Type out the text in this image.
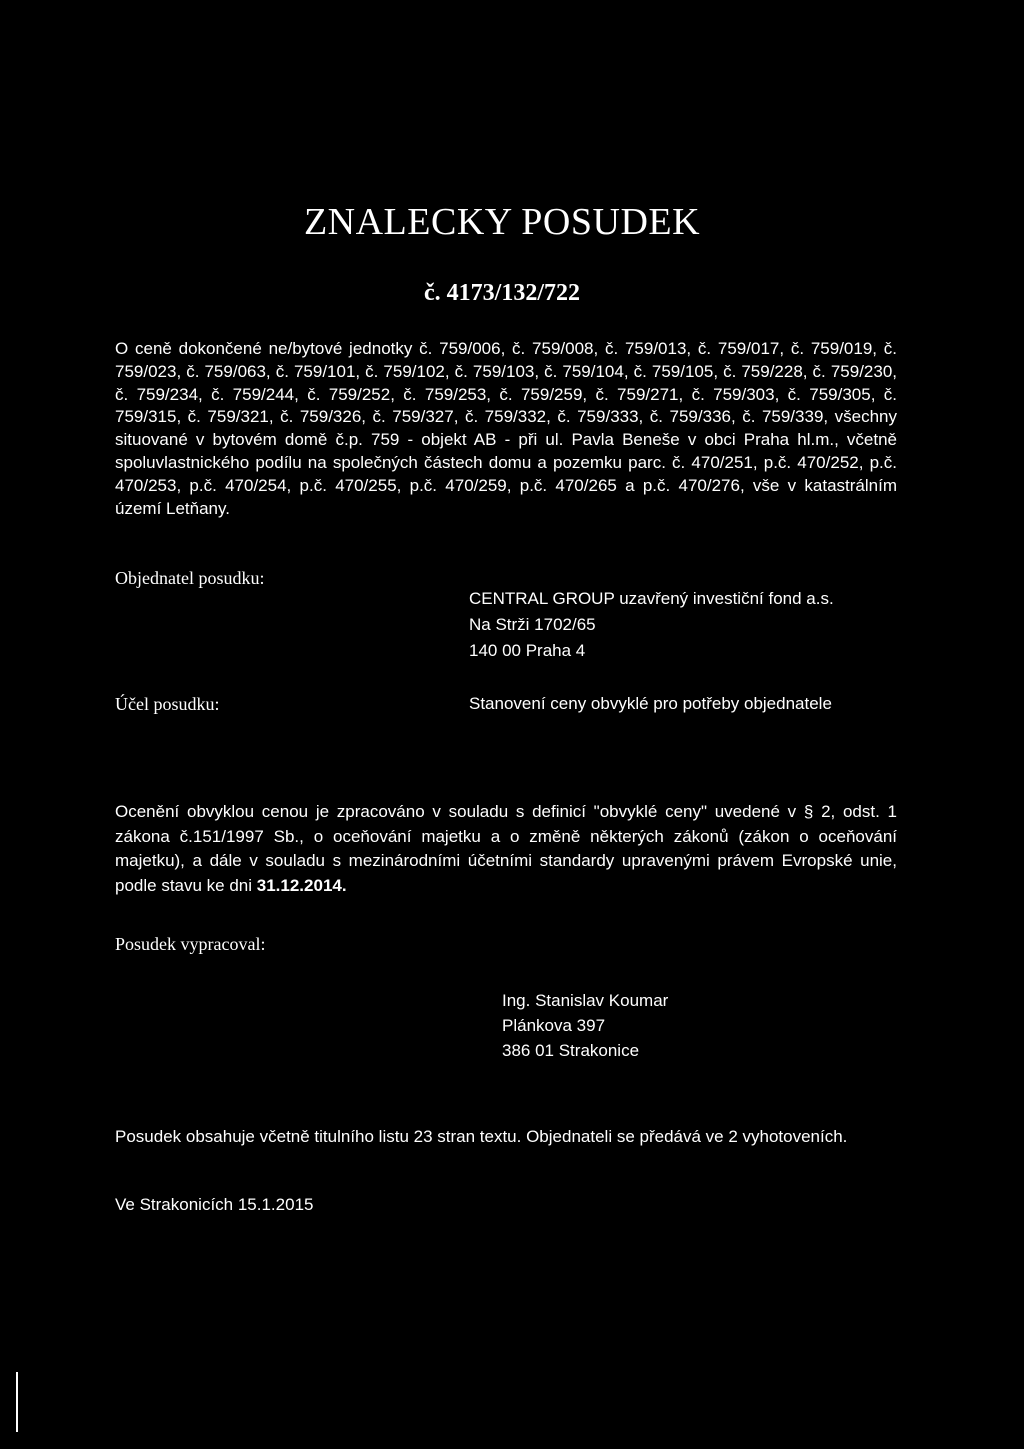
ZNALECKY POSUDEK
č. 4173/132/722
O ceně dokončené ne/bytové jednotky č. 759/006, č. 759/008, č. 759/013, č. 759/017, č. 759/019, č. 759/023, č. 759/063, č. 759/101, č. 759/102, č. 759/103, č. 759/104, č. 759/105, č. 759/228, č. 759/230, č. 759/234, č. 759/244, č. 759/252, č. 759/253, č. 759/259, č. 759/271, č. 759/303, č. 759/305, č. 759/315, č. 759/321, č. 759/326, č. 759/327, č. 759/332, č. 759/333, č. 759/336, č. 759/339, všechny situované v bytovém domě č.p. 759 - objekt AB - při ul. Pavla Beneše v obci Praha hl.m., včetně spoluvlastnického podílu na společných částech domu a pozemku parc. č. 470/251, p.č. 470/252, p.č. 470/253, p.č. 470/254, p.č. 470/255, p.č. 470/259, p.č. 470/265 a p.č. 470/276, vše v katastrálním území Letňany.
Objednatel posudku:
CENTRAL GROUP uzavřený investiční fond a.s.
Na Strži 1702/65
140 00 Praha 4
Účel posudku:	Stanovení ceny obvyklé pro potřeby objednatele
Ocenění obvyklou cenou je zpracováno v souladu s definicí "obvyklé ceny" uvedené v § 2, odst. 1 zákona č.151/1997 Sb., o oceňování majetku a o změně některých zákonů (zákon o oceňování majetku), a dále v souladu s mezinárodními účetními standardy upravenými právem Evropské unie, podle stavu ke dni 31.12.2014.
Posudek vypracoval:
Ing. Stanislav Koumar
Plánkova 397
386 01 Strakonice
Posudek obsahuje včetně titulního listu 23 stran textu. Objednateli se předává ve 2 vyhotoveních.
Ve Strakonicích 15.1.2015
